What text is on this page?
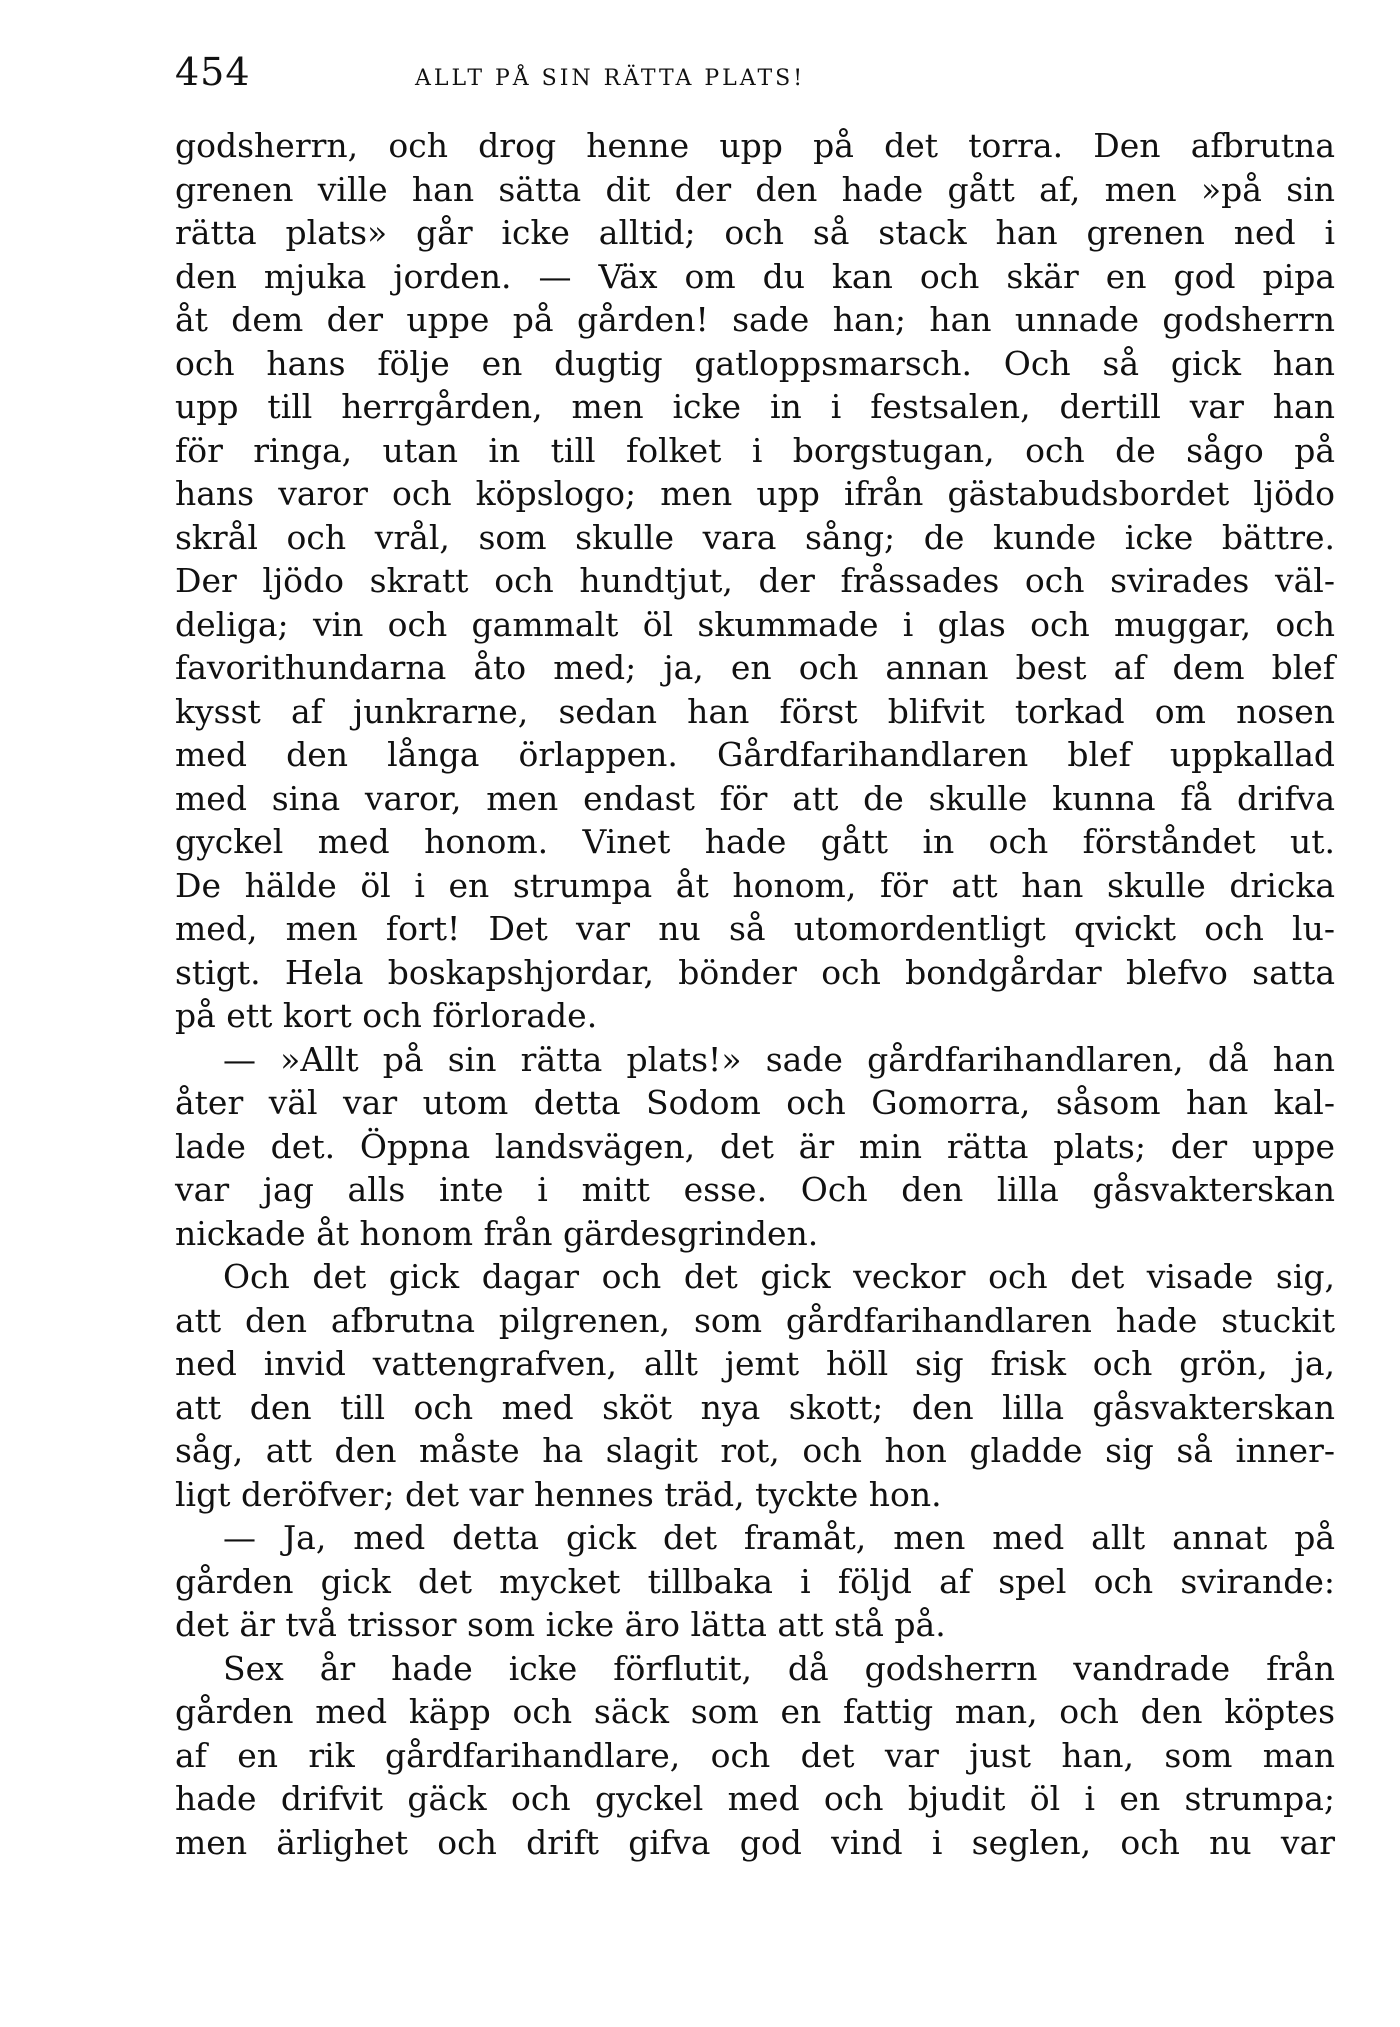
454	ALLT PÅ SIN RÄTTA PLATS!
godsherrn, och drog henne upp på det torra. Den afbrutna
grenen ville han sätta dit der den hade gått af, men »på sin
rätta plats» går icke alltid; och så stack han grenen ned i
den mjuka jorden. — Väx om du kan och skär en god pipa
åt dem der uppe på gården! sade han; han unnade godsherrn
och hans följe en dugtig gatloppsmarsch. Och så gick han
upp till herrgården, men icke in i festsalen, dertill var han
för ringa, utan in till folket i borgstugan, och de sågo på
hans varor och köpslogo; men upp ifrån gästabudsbordet ljödo
skrål och vrål, som skulle vara sång; de kunde icke bättre.
Der ljödo skratt och hundtjut, der fråssades och svirades väl-
deliga; vin och gammalt öl skummade i glas och muggar, och
favorithundarna åto med; ja, en och annan best af dem blef
kysst af junkrarne, sedan han först blifvit torkad om nosen
med den långa örlappen. Gårdfarihandlaren blef uppkallad
med sina varor, men endast för att de skulle kunna få drifva
gyckel med honom. Vinet hade gått in och förståndet ut.
De hälde öl i en strumpa åt honom, för att han skulle dricka
med, men fort! Det var nu så utomordentligt qvickt och lu-
stigt. Hela boskapshjordar, bönder och bondgårdar blefvo satta
på ett kort och förlorade.
— »Allt på sin rätta plats!» sade gårdfarihandlaren, då han
åter väl var utom detta Sodom och Gomorra, såsom han kal-
lade det. Öppna landsvägen, det är min rätta plats; der uppe
var jag alls inte i mitt esse. Och den lilla gåsvakterskan
nickade åt honom från gärdesgrinden.
Och det gick dagar och det gick veckor och det visade sig,
att den afbrutna pilgrenen, som gårdfarihandlaren hade stuckit
ned invid vattengrafven, allt jemt höll sig frisk och grön, ja,
att den till och med sköt nya skott; den lilla gåsvakterskan
såg, att den måste ha slagit rot, och hon gladde sig så inner-
ligt deröfver; det var hennes träd, tyckte hon.
— Ja, med detta gick det framåt, men med allt annat på
gården gick det mycket tillbaka i följd af spel och svirande:
det är två trissor som icke äro lätta att stå på.
Sex år hade icke förflutit, då godsherrn vandrade från
gården med käpp och säck som en fattig man, och den köptes
af en rik gårdfarihandlare, och det var just han, som man
hade drifvit gäck och gyckel med och bjudit öl i en strumpa;
men ärlighet och drift gifva god vind i seglen, och nu var
